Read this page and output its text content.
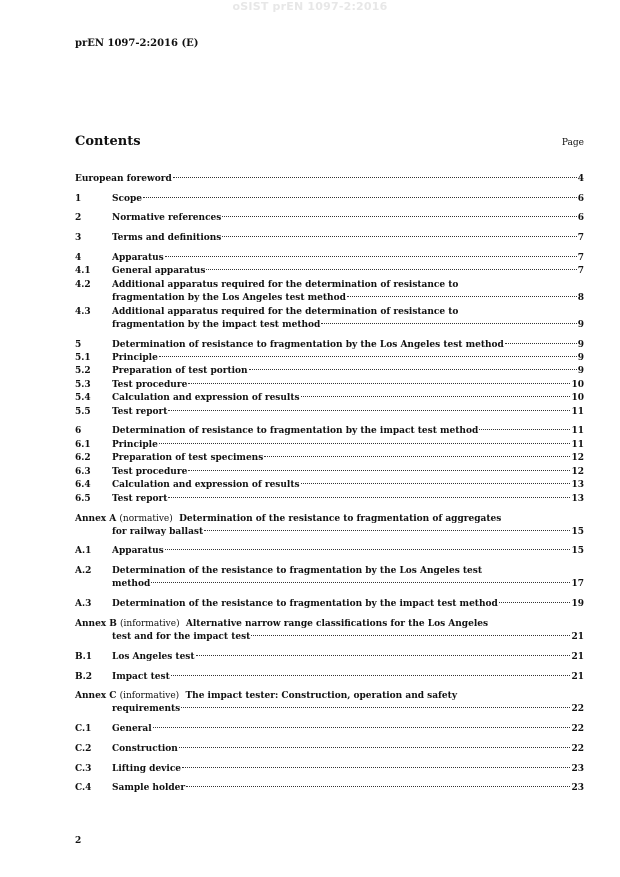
oSIST prEN 1097-2:2016
prEN 1097-2:2016 (E)
Contents	Page
European foreword	4
1	Scope	6
2	Normative references	6
3	Terms and definitions	7
4	Apparatus	7
4.1 General apparatus	7
4.2 Additional apparatus required for the determination of resistance to
fragmentation by the Los Angeles test method	8
4.3 Additional apparatus required for the determination of resistance to
fragmentation by the impact test method	9
5	Determination of resistance to fragmentation by the Los Angeles test method	9
5.1 Principle	9
5.2 Preparation of test portion	9
5.3 Test procedure	10
5.4 Calculation and expression of results	10
5.5 Test report	11
6	Determination of resistance to fragmentation by the impact test method	11
6.1 Principle	11
6.2 Preparation of test specimens	12
6.3 Test procedure	12
6.4 Calculation and expression of results	13
6.5 Test report	13
Annex A (normative) Determination of the resistance to fragmentation of aggregates
for railway ballast	15
A.1 Apparatus	15
A.2 Determination of the resistance to fragmentation by the Los Angeles test
method	17
A.3 Determination of the resistance to fragmentation by the impact test method	19
Annex B (informative) Alternative narrow range classifications for the Los Angeles
test and for the impact test	21
B.1 Los Angeles test	21
B.2 Impact test	21
Annex C (informative) The impact tester: Construction, operation and safety
requirements	22
C.1 General	22
C.2 Construction	22
C.3 Lifting device	23
C.4 Sample holder	23
2
